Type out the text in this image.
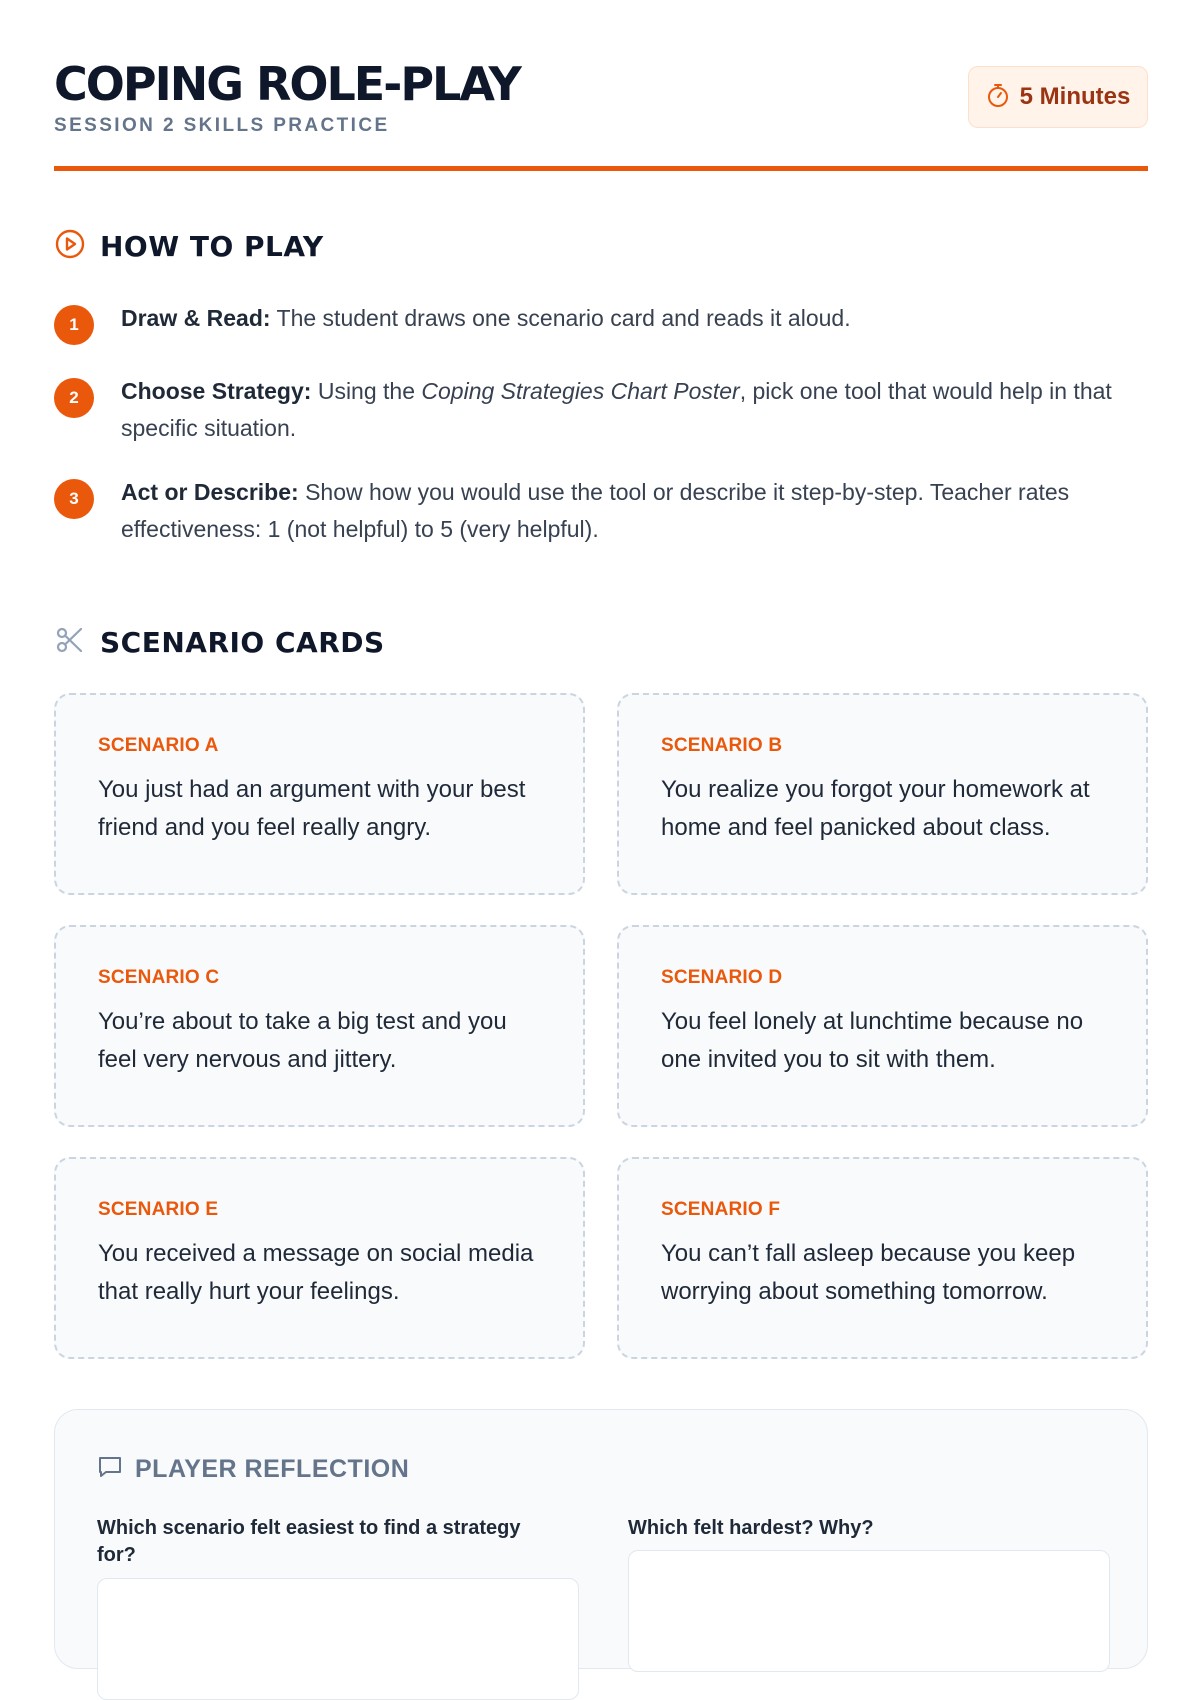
COPING ROLE-PLAY
SESSION 2 SKILLS PRACTICE
5 Minutes
HOW TO PLAY
1	Draw & Read: The student draws one scenario card and reads it aloud.
2	Choose Strategy: Using the Coping Strategies Chart Poster, pick one tool that would help in that specific situation.
3	Act or Describe: Show how you would use the tool or describe it step-by-step. Teacher rates effectiveness: 1 (not helpful) to 5 (very helpful).
SCENARIO CARDS
SCENARIO A
You just had an argument with your best friend and you feel really angry.
SCENARIO B
You realize you forgot your homework at home and feel panicked about class.
SCENARIO C
You’re about to take a big test and you feel very nervous and jittery.
SCENARIO D
You feel lonely at lunchtime because no one invited you to sit with them.
SCENARIO E
You received a message on social media that really hurt your feelings.
SCENARIO F
You can’t fall asleep because you keep worrying about something tomorrow.
PLAYER REFLECTION
Which scenario felt easiest to find a strategy for?
Which felt hardest? Why?
